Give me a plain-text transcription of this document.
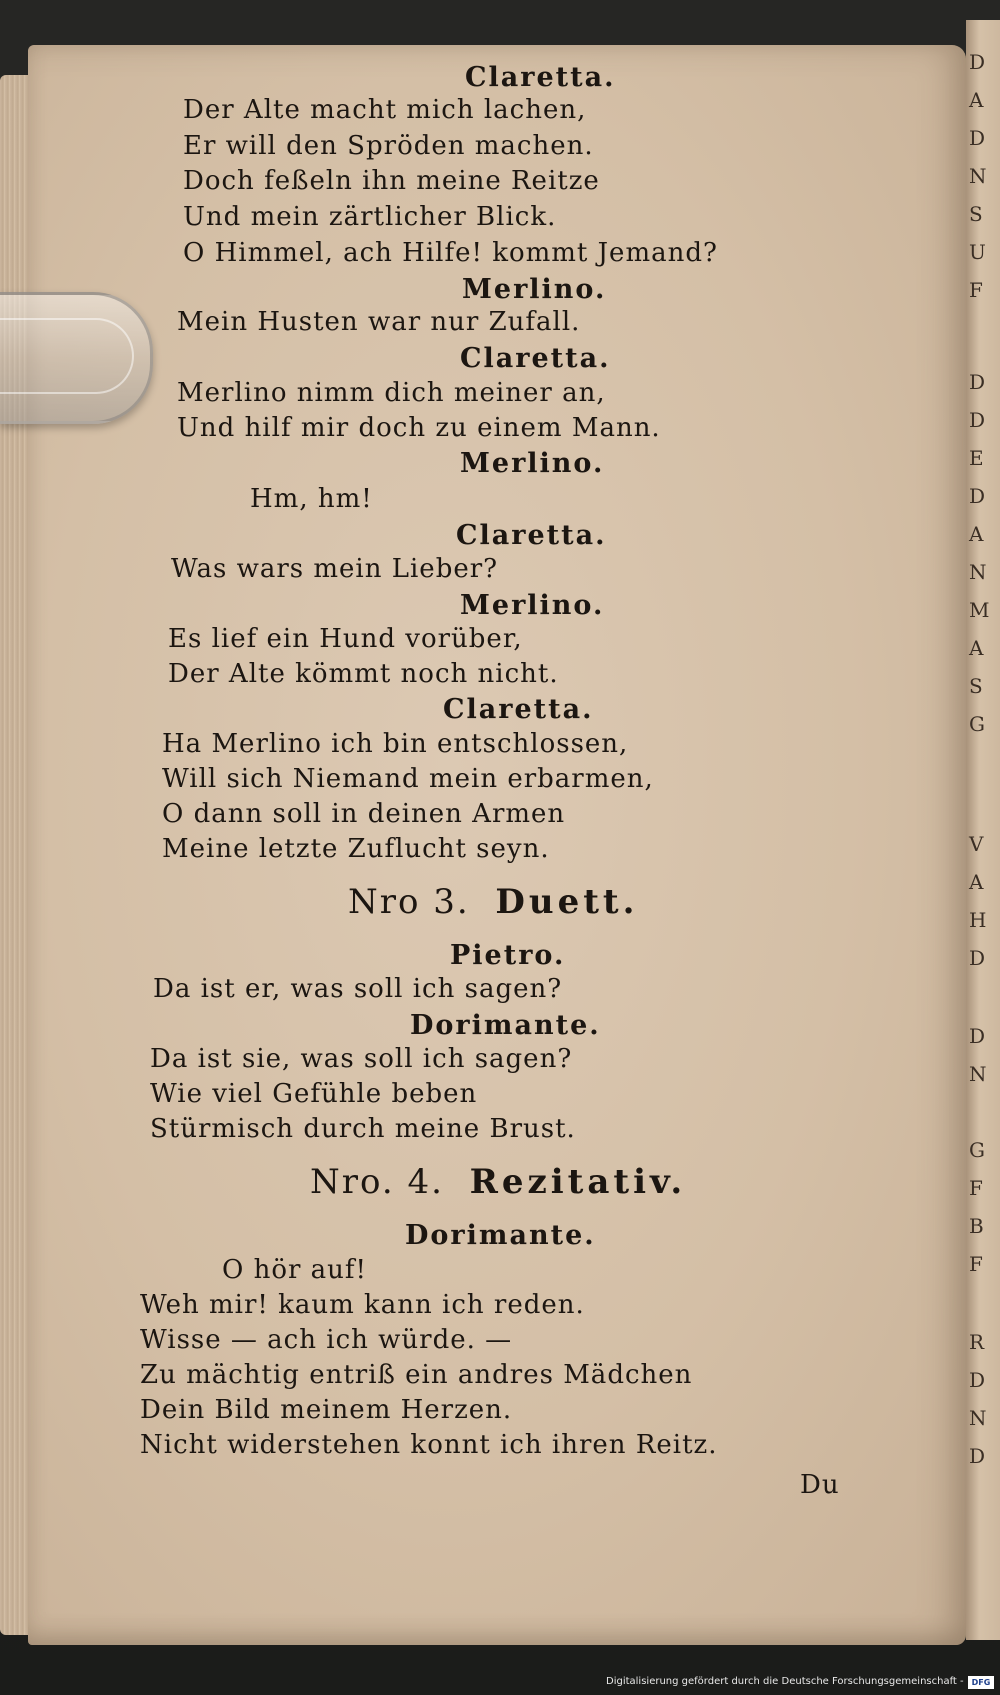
D
A
D
N
S
U
F
D
D
E
D
A
N
M
A
S
G
V
A
H
D
D
N
G
F
B
F
R
D
N
D
Claretta.
Der Alte macht mich lachen,
Er will den Spröden machen.
Doch feßeln ihn meine Reitze
Und mein zärtlicher Blick.
O Himmel, ach Hilfe! kommt Jemand?
Merlino.
Mein Husten war nur Zufall.
Claretta.
Merlino nimm dich meiner an,
Und hilf mir doch zu einem Mann.
Merlino.
Hm, hm!
Claretta.
Was wars mein Lieber?
Merlino.
Es lief ein Hund vorüber,
Der Alte kömmt noch nicht.
Claretta.
Ha Merlino ich bin entschlossen,
Will sich Niemand mein erbarmen,
O dann soll in deinen Armen
Meine letzte Zuflucht seyn.
Nro 3. Duett.
Pietro.
Da ist er, was soll ich sagen?
Dorimante.
Da ist sie, was soll ich sagen?
Wie viel Gefühle beben
Stürmisch durch meine Brust.
Nro. 4. Rezitativ.
Dorimante.
O hör auf!
Weh mir! kaum kann ich reden.
Wisse — ach ich würde. —
Zu mächtig entriß ein andres Mädchen
Dein Bild meinem Herzen.
Nicht widerstehen konnt ich ihren Reitz.
Du
Digitalisierung gefördert durch die Deutsche Forschungsgemeinschaft -	DFG
